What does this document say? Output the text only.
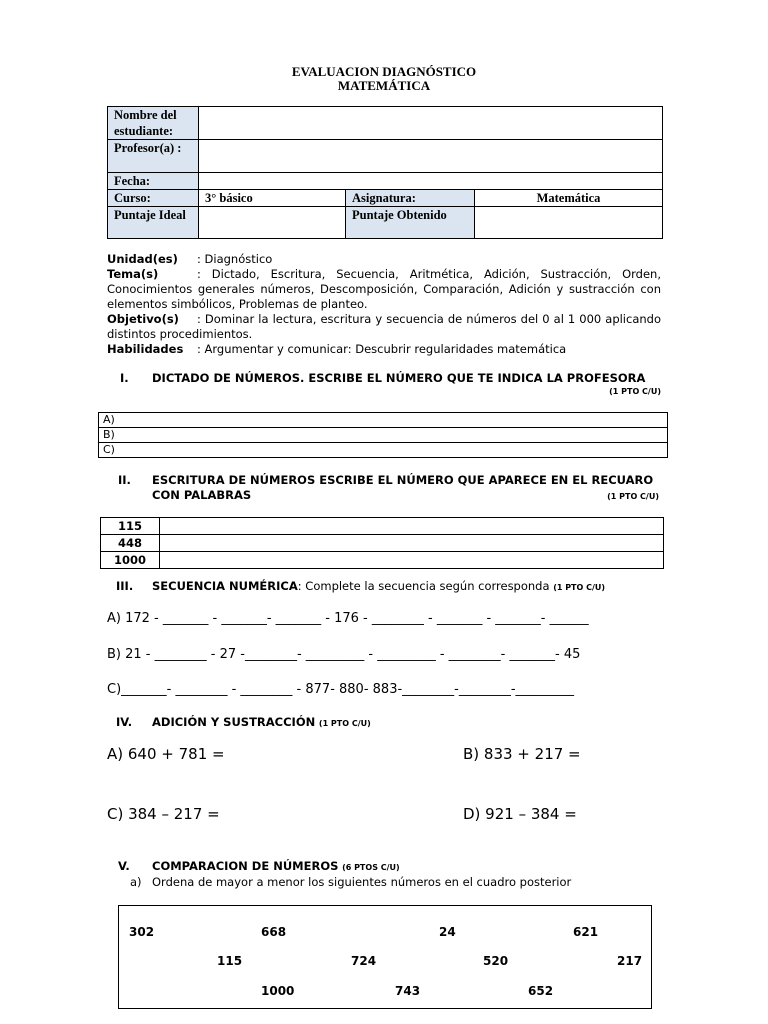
EVALUACION DIAGNÓSTICO
MATEMÁTICA
Nombre del estudiante:			
Profesor(a) :			
Fecha:			
Curso:	3° básico	Asignatura:	Matemática
Puntaje Ideal		Puntaje Obtenido	
Unidad(es) : Diagnóstico
Tema(s)	: Dictado, Escritura, Secuencia, Aritmética, Adición, Sustracción, Orden, Conocimientos generales números, Descomposición, Comparación, Adición y sustracción con elementos simbólicos, Problemas de planteo.
Objetivo(s) : Dominar la lectura, escritura y secuencia de números del 0 al 1 000 aplicando distintos procedimientos.
Habilidades : Argumentar y comunicar: Descubrir regularidades matemática
I. DICTADO DE NÚMEROS. ESCRIBE EL NÚMERO QUE TE INDICA LA PROFESORA
(1 PTO C/U)
A)
B)
C)
II. ESCRITURA DE NÚMEROS ESCRIBE EL NÚMERO QUE APARECE EN EL RECUARO
CON PALABRAS	(1 PTO C/U)
115	
448	
1000	
III. SECUENCIA NUMÉRICA: Complete la secuencia según corresponda (1 PTO C/U)
A) 172 - _______ - _______- _______ - 176 - ________ - _______ - _______- ______
B) 21 - ________ - 27 -________- _________ - _________ - ________- _______- 45
C)_______- ________ - ________ - 877- 880- 883-________-________-_________
IV. ADICIÓN Y SUSTRACCIÓN (1 PTO C/U)
A) 640 + 781 =	B) 833 + 217 =
C) 384 – 217 =	D) 921 – 384 =
V. COMPARACION DE NÚMEROS (6 PTOS C/U)
a) Ordena de mayor a menor los siguientes números en el cuadro posterior
302	668	24	621
115	724	520	217
1000	743	652
